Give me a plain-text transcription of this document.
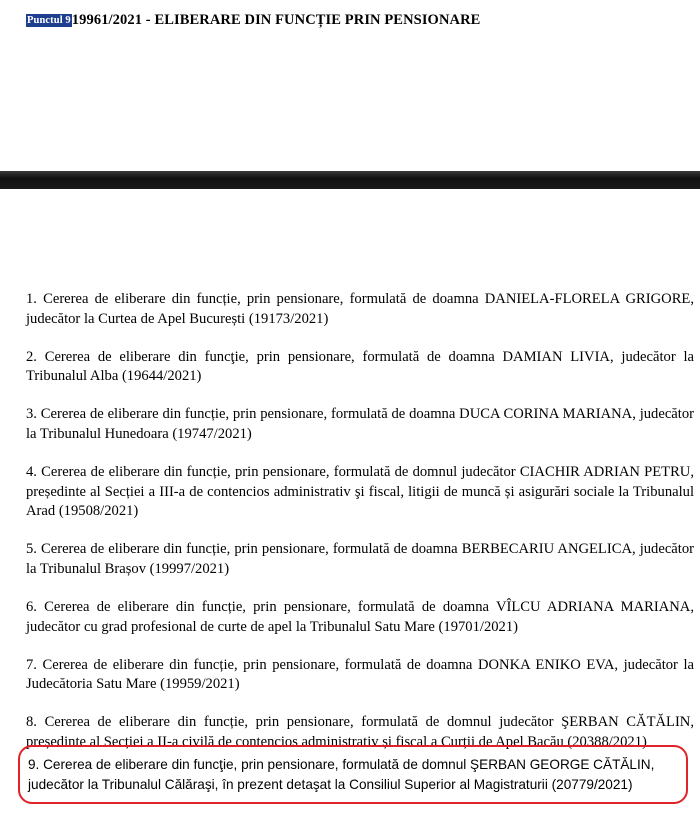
Punctul 919961/2021 - ELIBERARE DIN FUNCȚIE PRIN PENSIONARE

1. Cererea de eliberare din funcție, prin pensionare, formulată de doamna DANIELA-FLORELA GRIGORE, judecător la Curtea de Apel București (19173/2021)

2. Cererea de eliberare din funcţie, prin pensionare, formulată de doamna DAMIAN LIVIA, judecător la Tribunalul Alba (19644/2021)

3. Cererea de eliberare din funcție, prin pensionare, formulată de doamna DUCA CORINA MARIANA, judecător la Tribunalul Hunedoara (19747/2021)

4. Cererea de eliberare din funcție, prin pensionare, formulată de domnul judecător CIACHIR ADRIAN PETRU, președinte al Secției a III-a de contencios administrativ şi fiscal, litigii de muncă și asigurări sociale la Tribunalul Arad (19508/2021)

5. Cererea de eliberare din funcție, prin pensionare, formulată de doamna BERBECARIU ANGELICA, judecător la Tribunalul Brașov (19997/2021)

6. Cererea de eliberare din funcție, prin pensionare, formulată de doamna VÎLCU ADRIANA MARIANA, judecător cu grad profesional de curte de apel la Tribunalul Satu Mare (19701/2021)

7. Cererea de eliberare din funcție, prin pensionare, formulată de doamna DONKA ENIKO EVA, judecător la Judecătoria Satu Mare (19959/2021)

8. Cererea de eliberare din funcție, prin pensionare, formulată de domnul judecător ŞERBAN CĂTĂLIN, președinte al Secției a II-a civilă de contencios administrativ și fiscal a Curții de Apel Bacău (20388/2021)

9. Cererea de eliberare din funcţie, prin pensionare, formulată de domnul ŞERBAN GEORGE CĂTĂLIN,
judecător la Tribunalul Călăraşi, în prezent detaşat la Consiliul Superior al Magistraturii (20779/2021)
